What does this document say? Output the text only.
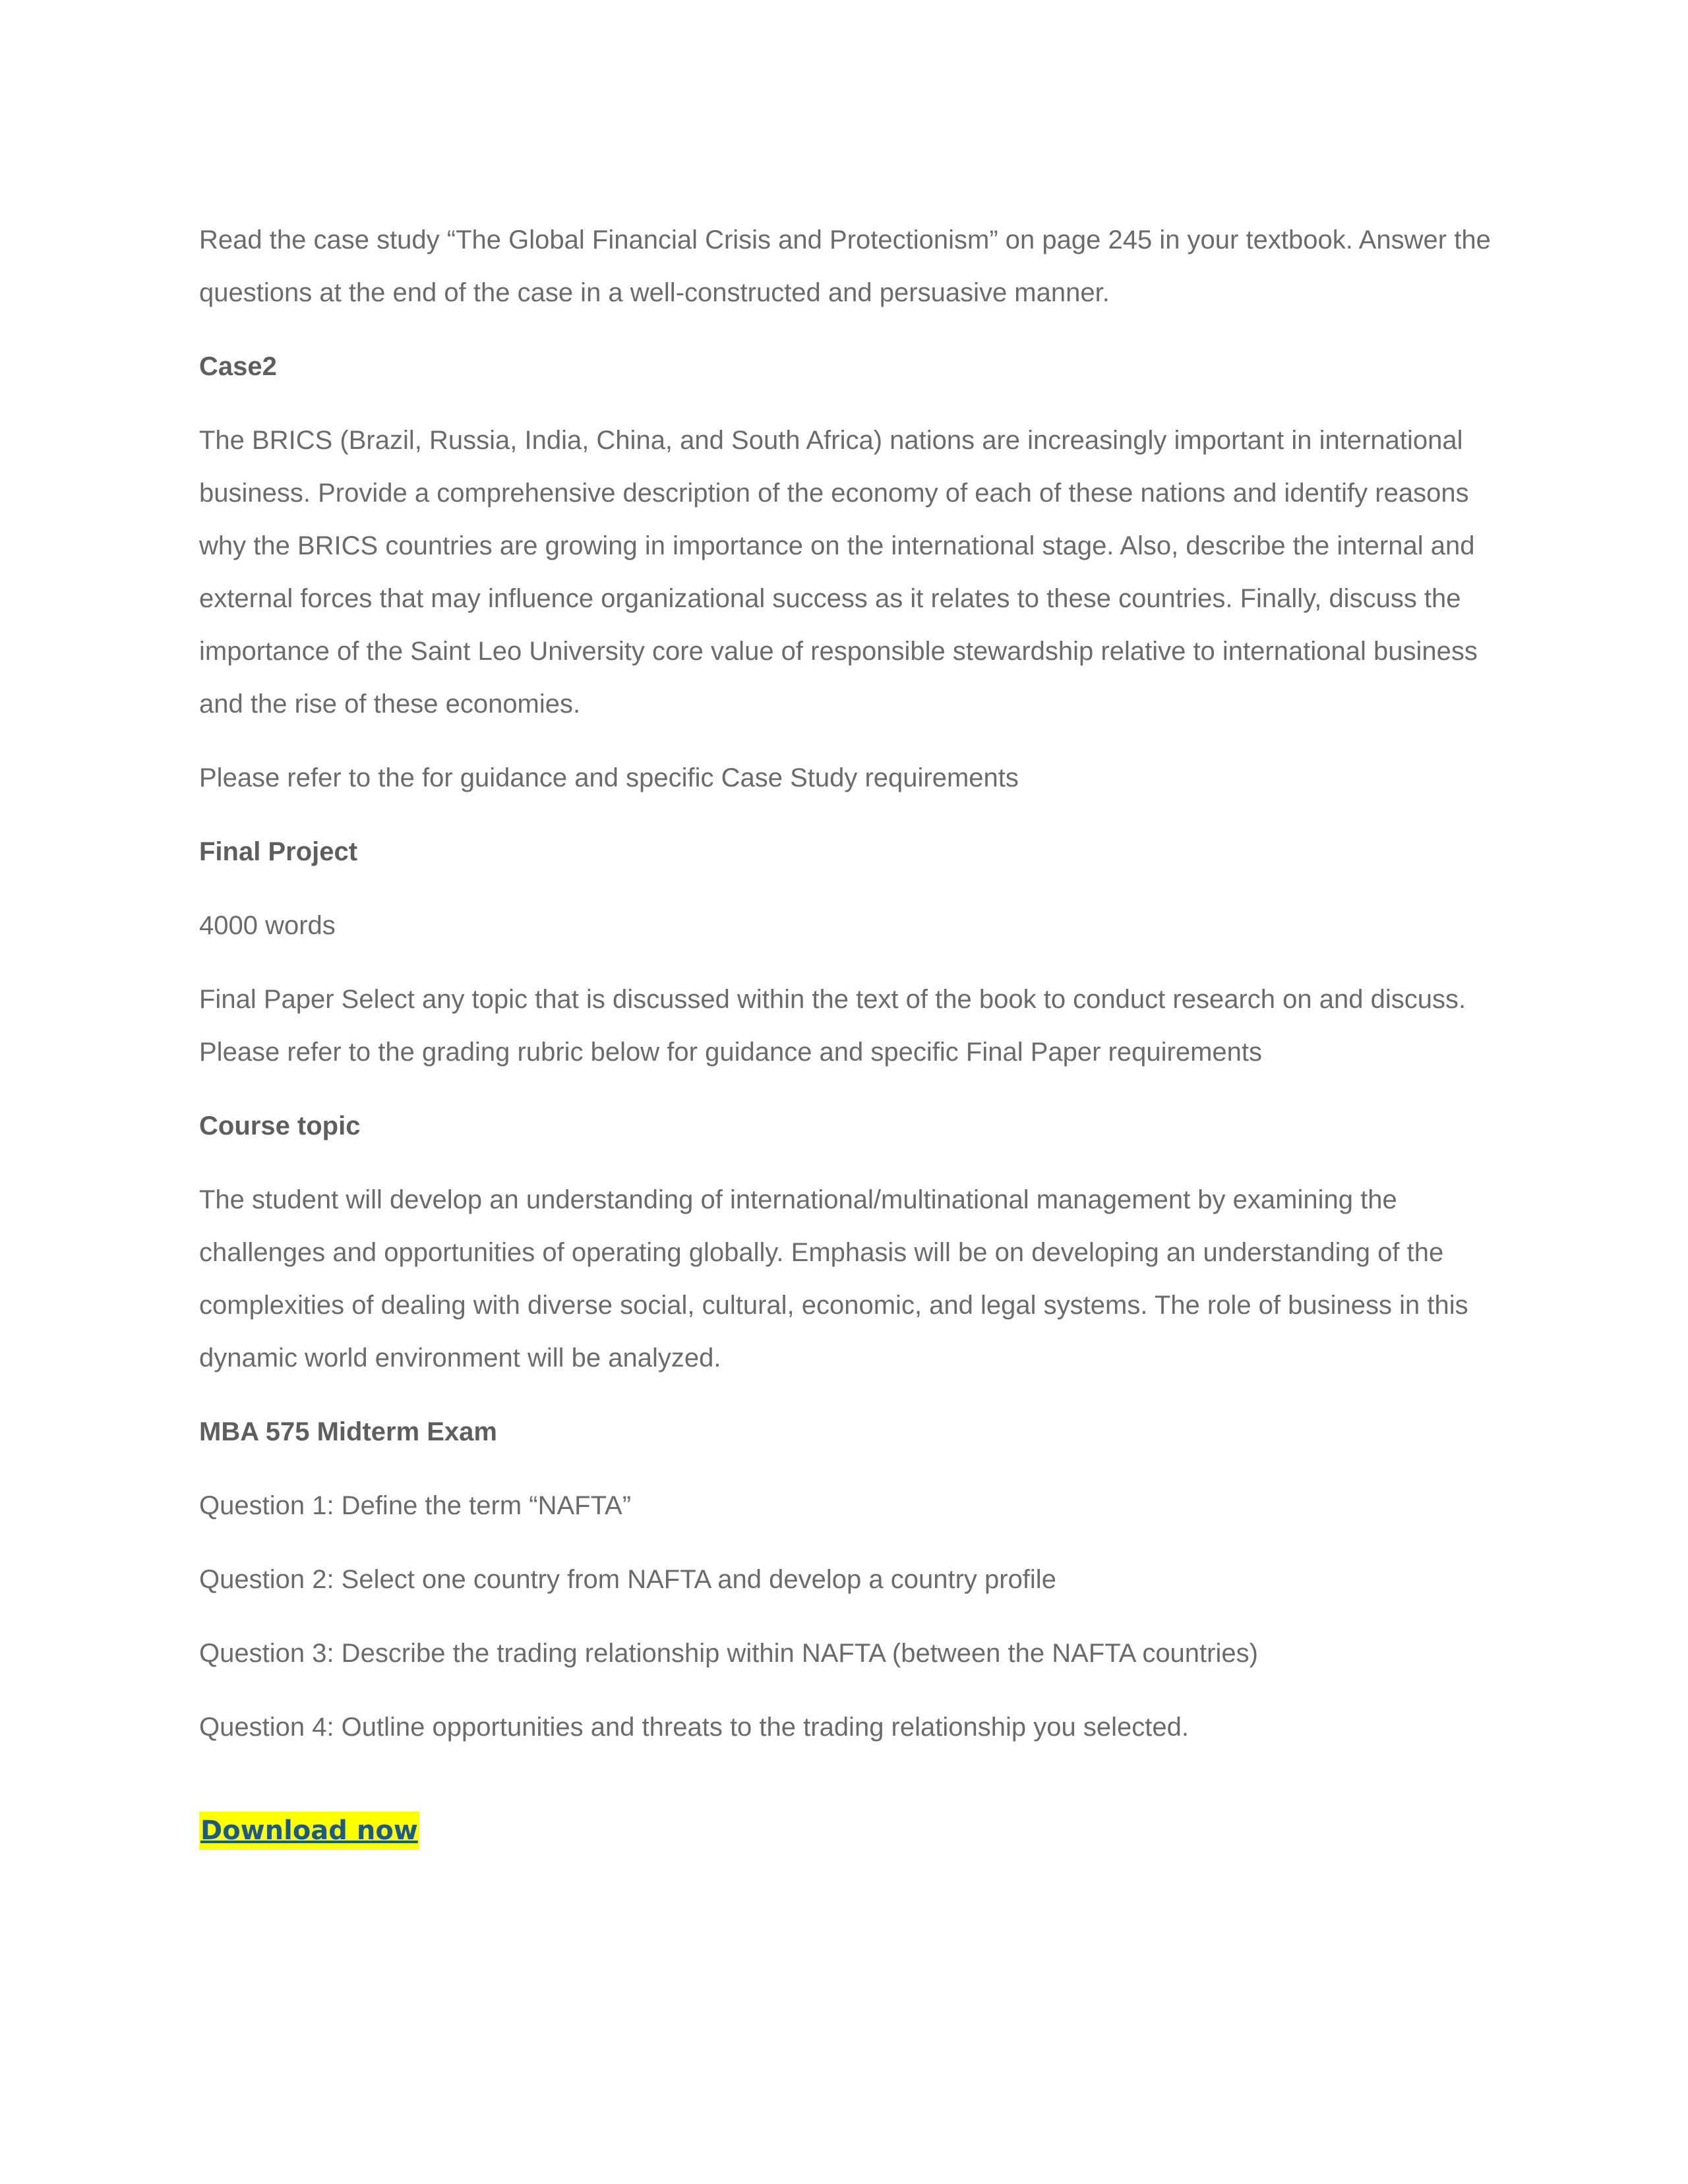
Read the case study “The Global Financial Crisis and Protectionism” on page 245 in your textbook. Answer the questions at the end of the case in a well-constructed and persuasive manner.

Case2

The BRICS (Brazil, Russia, India, China, and South Africa) nations are increasingly important in international business. Provide a comprehensive description of the economy of each of these nations and identify reasons why the BRICS countries are growing in importance on the international stage. Also, describe the internal and external forces that may influence organizational success as it relates to these countries. Finally, discuss the importance of the Saint Leo University core value of responsible stewardship relative to international business and the rise of these economies.

Please refer to the for guidance and specific Case Study requirements

Final Project

4000 words

Final Paper Select any topic that is discussed within the text of the book to conduct research on and discuss. Please refer to the grading rubric below for guidance and specific Final Paper requirements

Course topic

The student will develop an understanding of international/multinational management by examining the challenges and opportunities of operating globally. Emphasis will be on developing an understanding of the complexities of dealing with diverse social, cultural, economic, and legal systems. The role of business in this dynamic world environment will be analyzed.

MBA 575 Midterm Exam

Question 1: Define the term “NAFTA”

Question 2: Select one country from NAFTA and develop a country profile

Question 3: Describe the trading relationship within NAFTA (between the NAFTA countries)

Question 4: Outline opportunities and threats to the trading relationship you selected.

Download now
